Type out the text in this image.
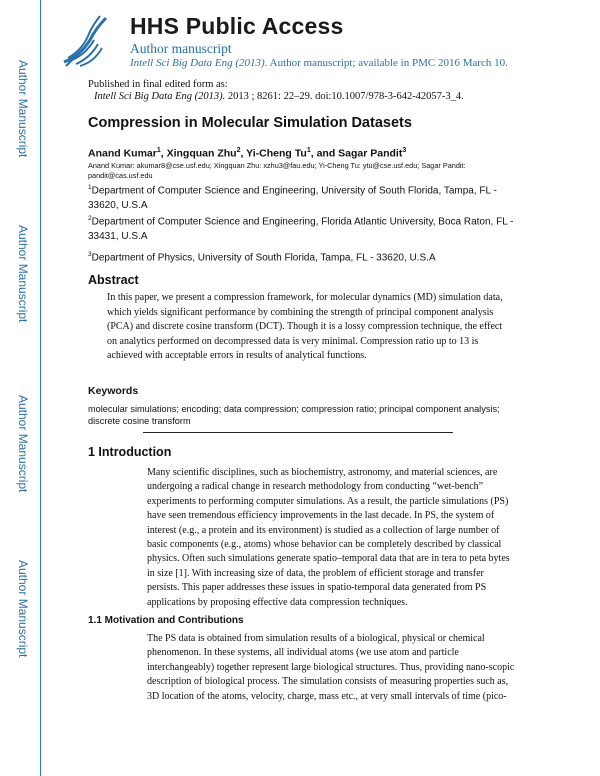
Author Manuscript
Author Manuscript
Author Manuscript
Author Manuscript
HHS Public Access
Author manuscript
Intell Sci Big Data Eng (2013). Author manuscript; available in PMC 2016 March 10.
Published in final edited form as:
Intell Sci Big Data Eng (2013). 2013 ; 8261: 22–29. doi:10.1007/978-3-642-42057-3_4.
Compression in Molecular Simulation Datasets
Anand Kumar$^1$, Xingquan Zhu$^2$, Yi-Cheng Tu$^1$, and Sagar Pandit$^3$
Anand Kumar: akumar8@cse.usf.edu; Xingquan Zhu: xzhu3@fau.edu; Yi-Cheng Tu: ytu@cse.usf.edu; Sagar Pandit: pandit@cas.usf.edu
$^1$Department of Computer Science and Engineering, University of South Florida, Tampa, FL - 33620, U.S.A
$^2$Department of Computer Science and Engineering, Florida Atlantic University, Boca Raton, FL - 33431, U.S.A
$^3$Department of Physics, University of South Florida, Tampa, FL - 33620, U.S.A
Abstract
In this paper, we present a compression framework, for molecular dynamics (MD) simulation data, which yields significant performance by combining the strength of principal component analysis (PCA) and discrete cosine transform (DCT). Though it is a lossy compression technique, the effect on analytics performed on decompressed data is very minimal. Compression ratio up to 13 is achieved with acceptable errors in results of analytical functions.
Keywords
molecular simulations; encoding; data compression; compression ratio; principal component analysis; discrete cosine transform
1 Introduction
Many scientific disciplines, such as biochemistry, astronomy, and material sciences, are undergoing a radical change in research methodology from conducting “wet-bench” experiments to performing computer simulations. As a result, the particle simulations (PS) have seen tremendous efficiency improvements in the last decade. In PS, the system of interest (e.g., a protein and its environment) is studied as a collection of large number of basic components (e.g., atoms) whose behavior can be completely described by classical physics. Often such simulations generate spatio–temporal data that are in tera to peta bytes in size [1]. With increasing size of data, the problem of efficient storage and transfer persists. This paper addresses these issues in spatio-temporal data generated from PS applications by proposing effective data compression techniques.
1.1 Motivation and Contributions
The PS data is obtained from simulation results of a biological, physical or chemical phenomenon. In these systems, all individual atoms (we use atom and particle interchangeably) together represent large biological structures. Thus, providing nano-scopic description of biological process. The simulation consists of measuring properties such as, 3D location of the atoms, velocity, charge, mass etc., at very small intervals of time (pico-
